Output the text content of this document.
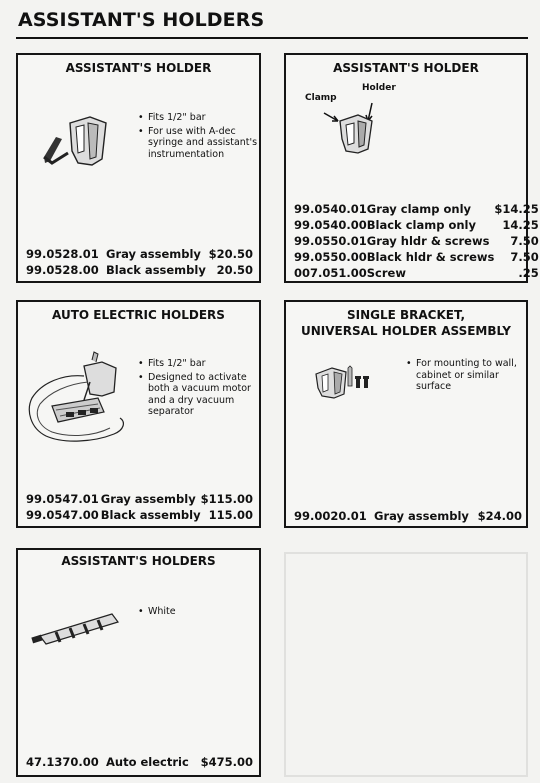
ASSISTANT'S HOLDERS
ASSISTANT'S HOLDER
• Fits 1/2" bar
• For use with A-dec syringe and assistant's instrumentation
99.0528.01	Gray assembly	$20.50
99.0528.00	Black assembly	20.50
ASSISTANT'S HOLDER
Clamp
Holder
99.0540.01	Gray clamp only	$14.25
99.0540.00	Black clamp only	14.25
99.0550.01	Gray hldr & screws	7.50
99.0550.00	Black hldr & screws	7.50
007.051.00	Screw	.25
AUTO ELECTRIC HOLDERS
• Fits 1/2" bar
• Designed to activate both a vacuum motor and a dry vacuum separator
99.0547.01	Gray assembly	$115.00
99.0547.00	Black assembly	115.00
SINGLE BRACKET,
UNIVERSAL HOLDER ASSEMBLY
• For mounting to wall, cabinet or similar surface
99.0020.01	Gray assembly	$24.00
ASSISTANT'S HOLDERS
• White
47.1370.00	Auto electric	$475.00
